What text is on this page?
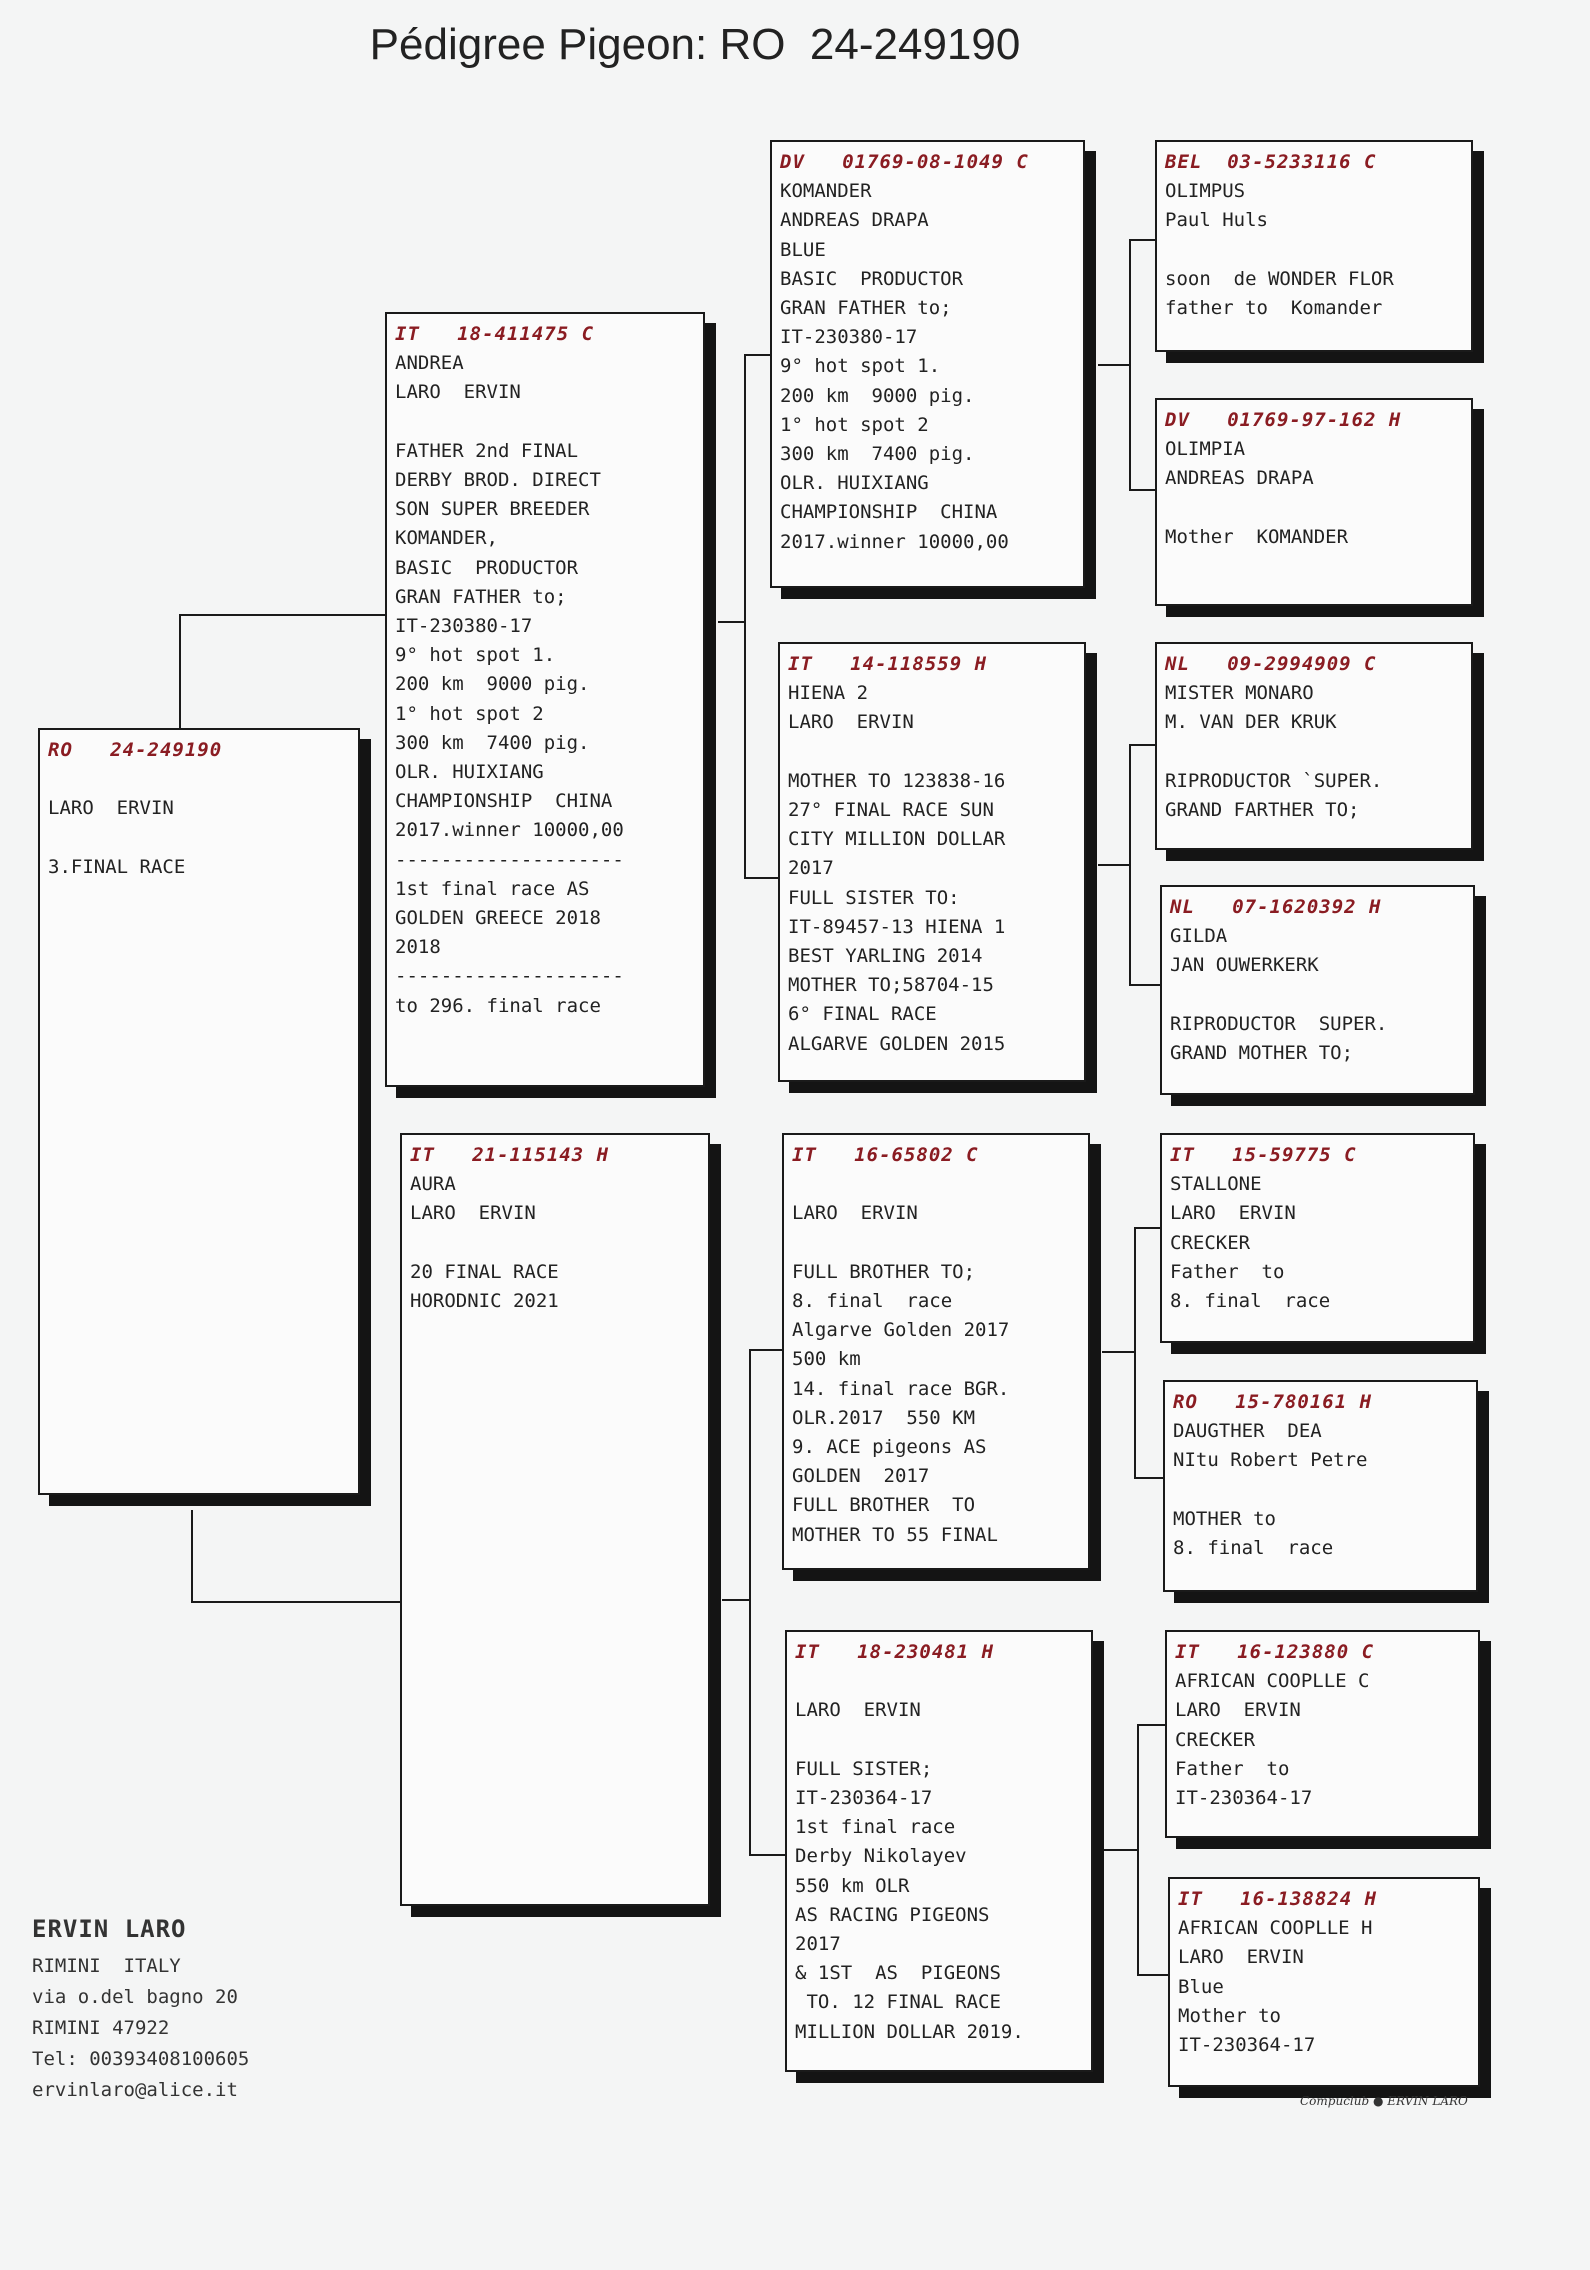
Pédigree Pigeon: RO  24-249190
RO   24-249190
LARO  ERVIN
3.FINAL RACE
IT   18-411475 C
ANDREA
LARO  ERVIN
FATHER 2nd FINAL
DERBY BROD. DIRECT
SON SUPER BREEDER
KOMANDER,
BASIC  PRODUCTOR
GRAN FATHER to;
IT-230380-17
9° hot spot 1.
200 km  9000 pig.
1° hot spot 2
300 km  7400 pig.
OLR. HUIXIANG
CHAMPIONSHIP  CHINA
2017.winner 10000,00
--------------------
1st final race AS
GOLDEN GREECE 2018
2018
--------------------
to 296. final race
IT   21-115143 H
AURA
LARO  ERVIN
20 FINAL RACE
HORODNIC 2021
DV   01769-08-1049 C
KOMANDER
ANDREAS DRAPA
BLUE
BASIC  PRODUCTOR
GRAN FATHER to;
IT-230380-17
9° hot spot 1.
200 km  9000 pig.
1° hot spot 2
300 km  7400 pig.
OLR. HUIXIANG
CHAMPIONSHIP  CHINA
2017.winner 10000,00
IT   14-118559 H
HIENA 2
LARO  ERVIN
MOTHER TO 123838-16
27° FINAL RACE SUN
CITY MILLION DOLLAR
2017
FULL SISTER TO:
IT-89457-13 HIENA 1
BEST YARLING 2014
MOTHER TO;58704-15
6° FINAL RACE
ALGARVE GOLDEN 2015
IT   16-65802 C
LARO  ERVIN
FULL BROTHER TO;
8. final  race
Algarve Golden 2017
500 km
14. final race BGR.
OLR.2017  550 KM
9. ACE pigeons AS
GOLDEN  2017
FULL BROTHER  TO
MOTHER TO 55 FINAL
IT   18-230481 H
LARO  ERVIN
FULL SISTER;
IT-230364-17
1st final race
Derby Nikolayev
550 km OLR
AS RACING PIGEONS
2017
& 1ST  AS  PIGEONS
TO. 12 FINAL RACE
MILLION DOLLAR 2019.
BEL  03-5233116 C
OLIMPUS
Paul Huls
soon  de WONDER FLOR
father to  Komander
DV   01769-97-162 H
OLIMPIA
ANDREAS DRAPA
Mother  KOMANDER
NL   09-2994909 C
MISTER MONARO
M. VAN DER KRUK
RIPRODUCTOR `SUPER.
GRAND FARTHER TO;
NL   07-1620392 H
GILDA
JAN OUWERKERK
RIPRODUCTOR  SUPER.
GRAND MOTHER TO;
IT   15-59775 C
STALLONE
LARO  ERVIN
CRECKER
Father  to
8. final  race
RO   15-780161 H
DAUGTHER  DEA
NItu Robert Petre
MOTHER to
8. final  race
IT   16-123880 C
AFRICAN COOPLLE C
LARO  ERVIN
CRECKER
Father  to
IT-230364-17
IT   16-138824 H
AFRICAN COOPLLE H
LARO  ERVIN
Blue
Mother to
IT-230364-17
ERVIN LARO
RIMINI  ITALY
via o.del bagno 20
RIMINI 47922
Tel: 00393408100605
ervinlaro@alice.it	Compuclub ● ERVIN LARO
